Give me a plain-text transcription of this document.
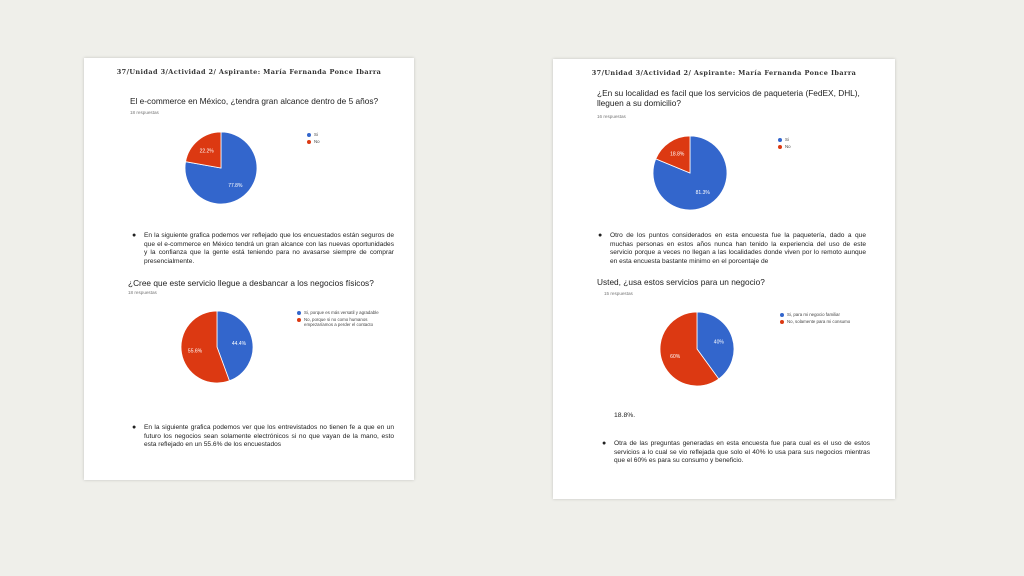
37/Unidad 3/Actividad 2/ Aspirante: María Fernanda Ponce Ibarra
El e-commerce en México, ¿tendra gran alcance dentro de 5 años?
18 respuestas
77.8%
22.2%
Si
No
● En la siguiente grafica podemos ver reflejado que los encuestados están seguros de que el e-commerce en México tendrá un gran alcance con las nuevas oportunidades y la confianza que la gente está teniendo para no avasarse siempre de comprar presencialmente.
¿Cree que este servicio llegue a desbancar a los negocios físicos?
18 respuestas
44.4%
55.6%
Si, porque es más versatil y agradable
No, porque si no como humanos empezaríamos a perder el contacto
● En la siguiente grafica podemos ver que los entrevistados no tienen fe a que en un futuro los negocios sean solamente electrónicos si no que vayan de la mano, esto esta reflejado en un 55.6% de los encuestados
37/Unidad 3/Actividad 2/ Aspirante: María Fernanda Ponce Ibarra
¿En su localidad es facil que los servicios de paqueteria (FedEX, DHL), lleguen a su domicilio?
16 respuestas
81.3%
18.8%
Si
No
● Otro de los puntos considerados en esta encuesta fue la paquetería, dado a que muchas personas en estos años nunca han tenido la experiencia del uso de este servicio porque a veces no llegan a las localidades donde viven por lo remoto aunque en esta encuesta bastante minimo en el porcentaje de
Usted, ¿usa estos servicios para un negocio?
15 respuestas
40%
60%
Si, para mi negocio familiar
No, solamente para mi consumo
18.8%.
● Otra de las preguntas generadas en esta encuesta fue para cual es el uso de estos servicios a lo cual se vio reflejada que solo el 40% lo usa para sus negocios mientras que el 60% es para su consumo y beneficio.
